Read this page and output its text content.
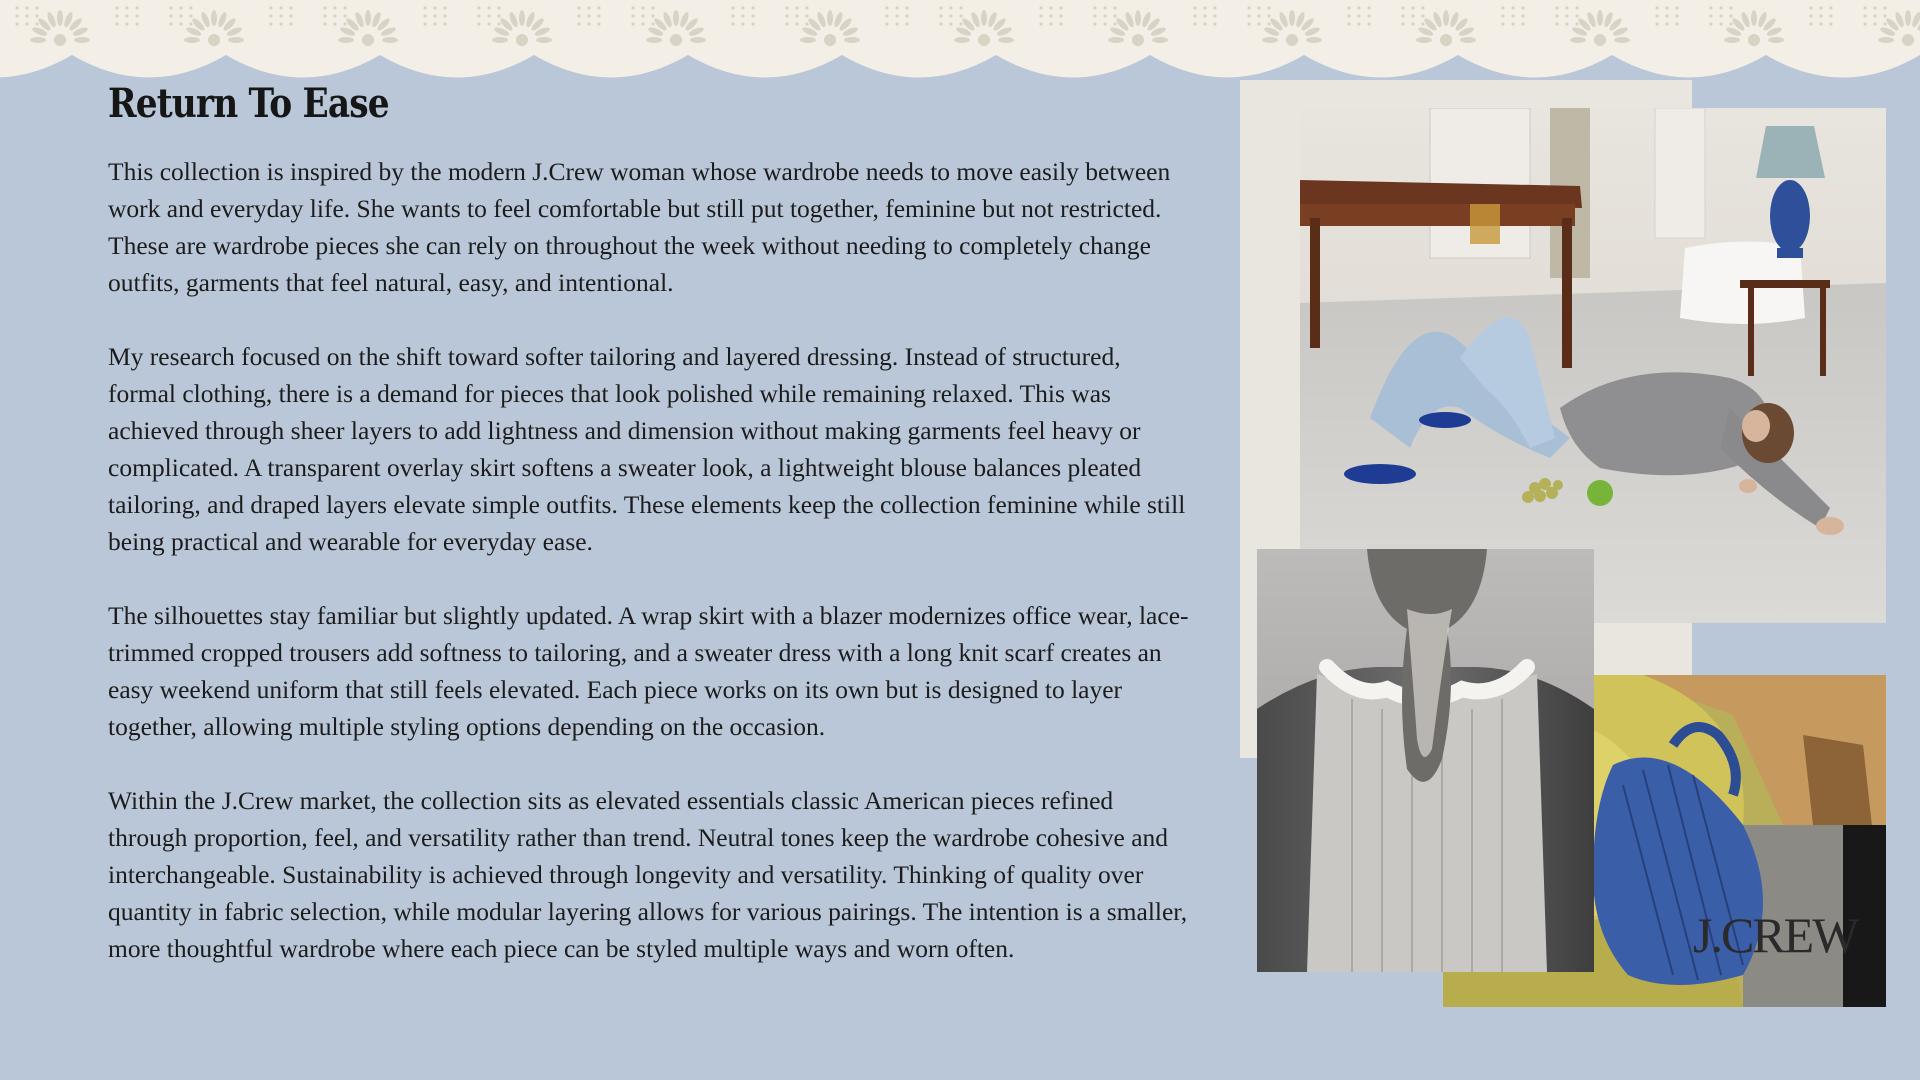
Return To Ease

This collection is inspired by the modern J.Crew woman whose wardrobe needs to move easily between work and everyday life. She wants to feel comfortable but still put together, feminine but not restricted. These are wardrobe pieces she can rely on throughout the week without needing to completely change outfits, garments that feel natural, easy, and intentional.

My research focused on the shift toward softer tailoring and layered dressing. Instead of structured, formal clothing, there is a demand for pieces that look polished while remaining relaxed. This was achieved through sheer layers to add lightness and dimension without making garments feel heavy or complicated. A transparent overlay skirt softens a sweater look, a lightweight blouse balances pleated tailoring, and draped layers elevate simple outfits. These elements keep the collection feminine while still being practical and wearable for everyday ease.

The silhouettes stay familiar but slightly updated. A wrap skirt with a blazer modernizes office wear, lace-trimmed cropped trousers add softness to tailoring, and a sweater dress with a long knit scarf creates an easy weekend uniform that still feels elevated. Each piece works on its own but is designed to layer together, allowing multiple styling options depending on the occasion.

Within the J.Crew market, the collection sits as elevated essentials classic American pieces refined through proportion, feel, and versatility rather than trend. Neutral tones keep the wardrobe cohesive and interchangeable. Sustainability is achieved through longevity and versatility. Thinking of quality over quantity in fabric selection, while modular layering allows for various pairings. The intention is a smaller, more thoughtful wardrobe where each piece can be styled multiple ways and worn often.	J.CREW
